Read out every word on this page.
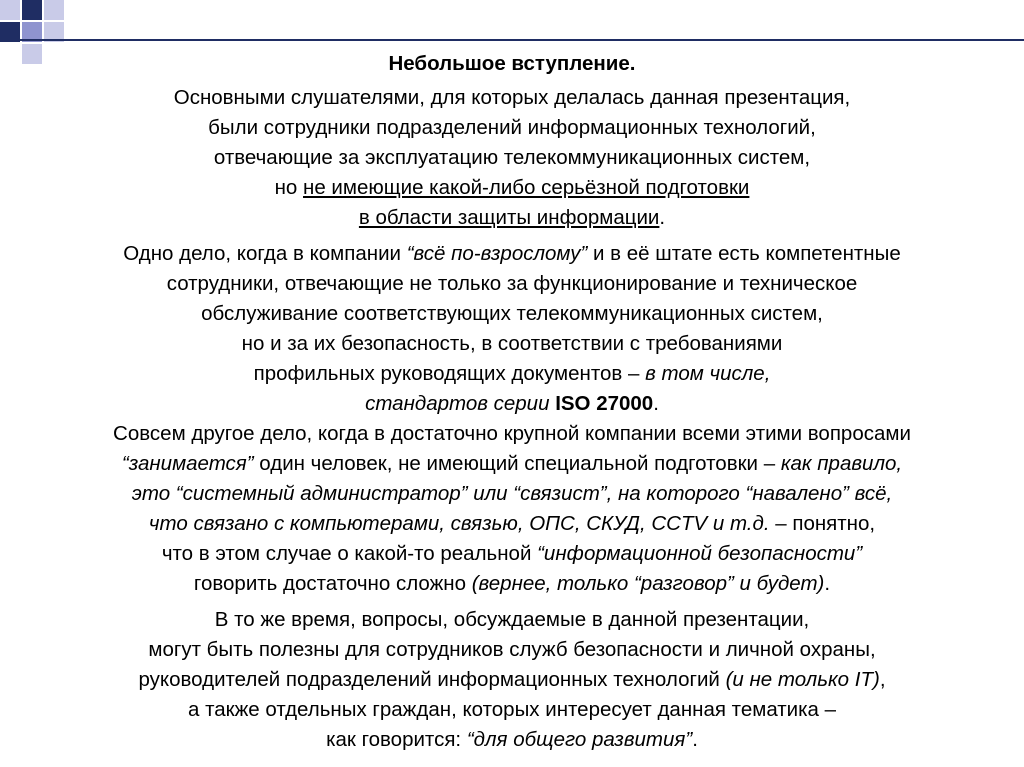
Небольшое вступление.
Основными слушателями, для которых делалась данная презентация,
были сотрудники подразделений информационных технологий,
отвечающие за эксплуатацию телекоммуникационных систем,
но не имеющие какой-либо серьёзной подготовки
в области защиты информации.
Одно дело, когда в компании “всё по-взрослому” и в её штате есть компетентные
сотрудники, отвечающие не только за функционирование и техническое
обслуживание соответствующих телекоммуникационных систем,
но и за их безопасность, в соответствии с требованиями
профильных руководящих документов – в том числе,
стандартов серии ISO 27000.
Совсем другое дело, когда в достаточно крупной компании всеми этими вопросами
“занимается” один человек, не имеющий специальной подготовки – как правило,
это “системный администратор” или “связист”, на которого “навалено” всё,
что связано с компьютерами, связью, ОПС, СКУД, CCTV и т.д. – понятно,
что в этом случае о какой-то реальной “информационной безопасности”
говорить достаточно сложно (вернее, только “разговор” и будет).
В то же время, вопросы, обсуждаемые в данной презентации,
могут быть полезны для сотрудников служб безопасности и личной охраны,
руководителей подразделений информационных технологий (и не только IT),
а также отдельных граждан, которых интересует данная тематика –
как говорится: “для общего развития”.
